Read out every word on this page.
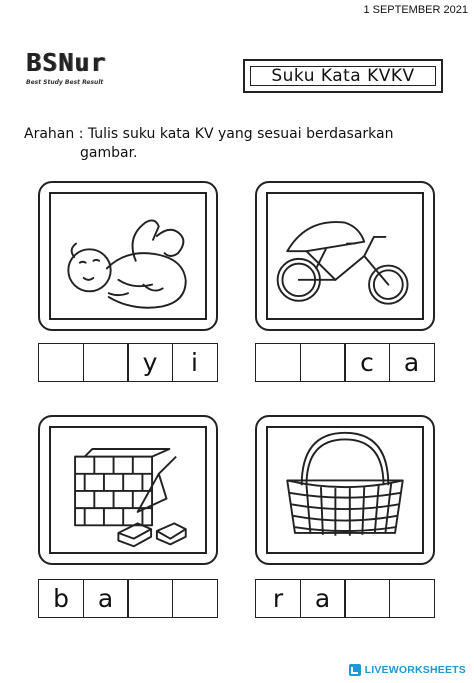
1 SEPTEMBER 2021
BSNur
Best Study Best Result	Suku Kata KVKV
Arahan : Tulis suku kata KV yang sesuai berdasarkan
gambar.
y	i	c	a
b	a	r	a
LIVEWORKSHEETS
